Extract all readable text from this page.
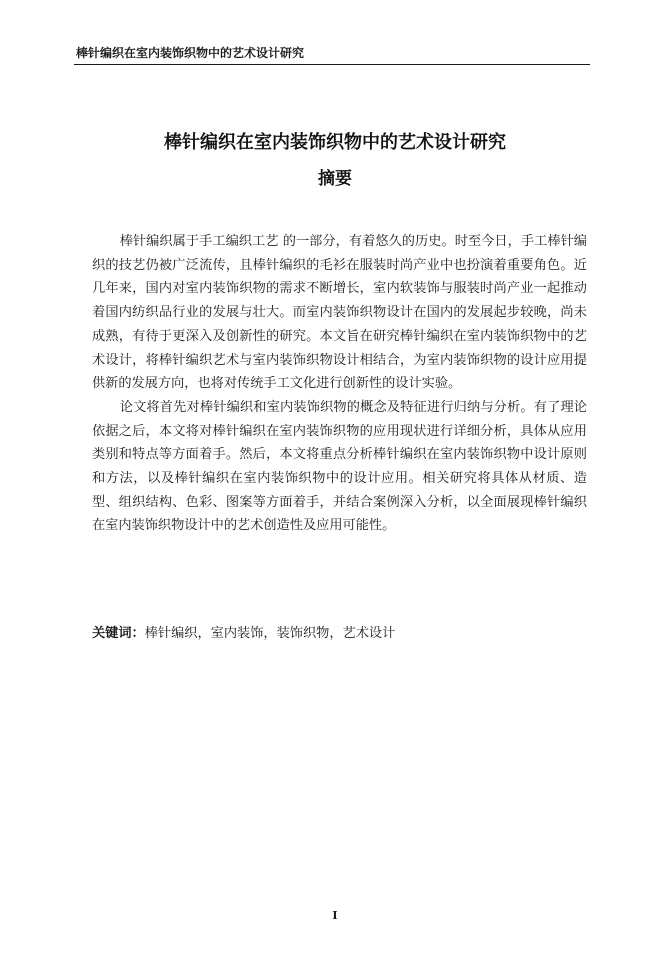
棒针编织在室内装饰织物中的艺术设计研究
棒针编织在室内装饰织物中的艺术设计研究
摘要

棒针编织属于手工编织工艺 的一部分，有着悠久的历史。时至今日，手工棒针编织的技艺仍被广泛流传，且棒针编织的毛衫在服装时尚产业中也扮演着重要角色。近几年来，国内对室内装饰织物的需求不断增长，室内软装饰与服装时尚产业一起推动着国内纺织品行业的发展与壮大。而室内装饰织物设计在国内的发展起步较晚，尚未成熟，有待于更深入及创新性的研究。本文旨在研究棒针编织在室内装饰织物中的艺术设计，将棒针编织艺术与室内装饰织物设计相结合，为室内装饰织物的设计应用提供新的发展方向，也将对传统手工文化进行创新性的设计实验。

论文将首先对棒针编织和室内装饰织物的概念及特征进行归纳与分析。有了理论依据之后，本文将对棒针编织在室内装饰织物的应用现状进行详细分析，具体从应用类别和特点等方面着手。然后，本文将重点分析棒针编织在室内装饰织物中设计原则和方法，以及棒针编织在室内装饰织物中的设计应用。相关研究将具体从材质、造型、组织结构、色彩、图案等方面着手，并结合案例深入分析，以全面展现棒针编织在室内装饰织物设计中的艺术创造性及应用可能性。

关键词：棒针编织，室内装饰，装饰织物，艺术设计
I
